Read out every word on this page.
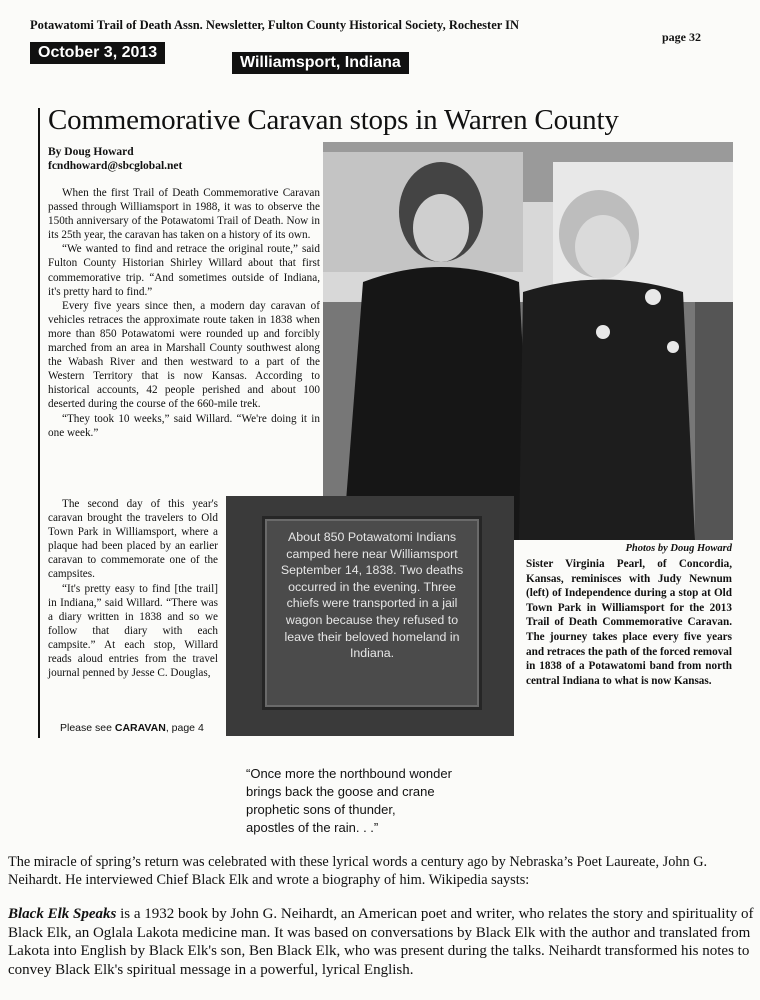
Potawatomi Trail of Death Assn. Newsletter, Fulton County Historical Society, Rochester IN
page 32
October 3, 2013
Williamsport, Indiana
Commemorative Caravan stops in Warren County
By Doug Howard
fcndhoward@sbcglobal.net

When the first Trail of Death Commemorative Caravan passed through Williamsport in 1988, it was to observe the 150th anniversary of the Potawatomi Trail of Death. Now in its 25th year, the caravan has taken on a history of its own.

“We wanted to find and retrace the original route,” said Fulton County Historian Shirley Willard about that first commemorative trip. “And sometimes outside of Indiana, it's pretty hard to find.”

Every five years since then, a modern day caravan of vehicles retraces the approximate route taken in 1838 when more than 850 Potawatomi were rounded up and forcibly marched from an area in Marshall County southwest along the Wabash River and then westward to a part of the Western Territory that is now Kansas. According to historical accounts, 42 people perished and about 100 deserted during the course of the 660-mile trek.

“They took 10 weeks,” said Willard. “We're doing it in one week.”

The second day of this year's caravan brought the travelers to Old Town Park in Williamsport, where a plaque had been placed by an earlier caravan to commemorate one of the campsites.

“It's pretty easy to find [the trail] in Indiana,” said Willard. “There was a diary written in 1838 and so we follow that diary with each campsite.” At each stop, Willard reads aloud entries from the travel journal penned by Jesse C. Douglas,

Please see CARAVAN, page 4
About 850 Potawatomi Indians camped here near Williamsport September 14, 1838. Two deaths occurred in the evening. Three chiefs were transported in a jail wagon because they refused to leave their beloved homeland in Indiana.
Photos by Doug Howard
Sister Virginia Pearl, of Concordia, Kansas, reminisces with Judy Newnum (left) of Independence during a stop at Old Town Park in Williamsport for the 2013 Trail of Death Commemorative Caravan. The journey takes place every five years and retraces the path of the forced removal in 1838 of a Potawatomi band from north central Indiana to what is now Kansas.
“Once more the northbound wonder
brings back the goose and crane
prophetic sons of thunder,
apostles of the rain. . .”
The miracle of spring’s return was celebrated with these lyrical words a century ago by Nebraska’s Poet Laureate, John G. Neihardt. He interviewed Chief Black Elk and wrote a biography of him. Wikipedia saysts:
Black Elk Speaks is a 1932 book by John G. Neihardt, an American poet and writer, who relates the story and spirituality of Black Elk, an Oglala Lakota medicine man. It was based on conversations by Black Elk with the author and translated from Lakota into English by Black Elk's son, Ben Black Elk, who was present during the talks. Neihardt transformed his notes to convey Black Elk's spiritual message in a powerful, lyrical English.
